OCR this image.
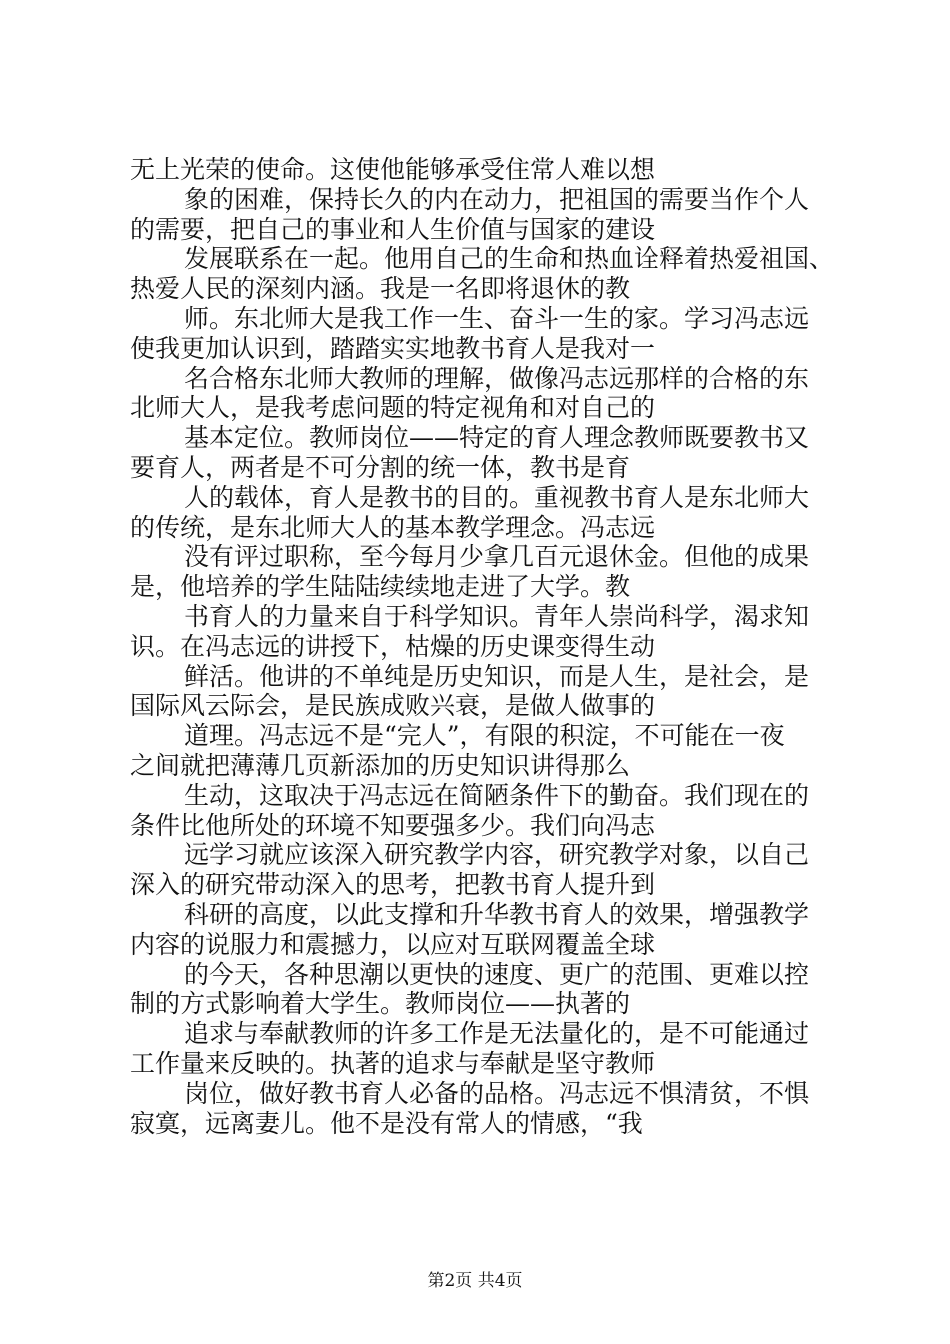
无上光荣的使命。这使他能够承受住常人难以想
象的困难，保持长久的内在动力，把祖国的需要当作个人
的需要，把自己的事业和人生价值与国家的建设
发展联系在一起。他用自己的生命和热血诠释着热爱祖国、
热爱人民的深刻内涵。我是一名即将退休的教
师。东北师大是我工作一生、奋斗一生的家。学习冯志远
使我更加认识到，踏踏实实地教书育人是我对一
名合格东北师大教师的理解，做像冯志远那样的合格的东
北师大人，是我考虑问题的特定视角和对自己的
基本定位。教师岗位——特定的育人理念教师既要教书又
要育人，两者是不可分割的统一体，教书是育
人的载体，育人是教书的目的。重视教书育人是东北师大
的传统，是东北师大人的基本教学理念。冯志远
没有评过职称，至今每月少拿几百元退休金。但他的成果
是，他培养的学生陆陆续续地走进了大学。教
书育人的力量来自于科学知识。青年人崇尚科学，渴求知
识。在冯志远的讲授下，枯燥的历史课变得生动
鲜活。他讲的不单纯是历史知识，而是人生，是社会，是
国际风云际会，是民族成败兴衰，是做人做事的
道理。冯志远不是“完人”，有限的积淀，不可能在一夜
之间就把薄薄几页新添加的历史知识讲得那么
生动，这取决于冯志远在简陋条件下的勤奋。我们现在的
条件比他所处的环境不知要强多少。我们向冯志
远学习就应该深入研究教学内容，研究教学对象，以自己
深入的研究带动深入的思考，把教书育人提升到
科研的高度，以此支撑和升华教书育人的效果，增强教学
内容的说服力和震撼力，以应对互联网覆盖全球
的今天，各种思潮以更快的速度、更广的范围、更难以控
制的方式影响着大学生。教师岗位——执著的
追求与奉献教师的许多工作是无法量化的，是不可能通过
工作量来反映的。执著的追求与奉献是坚守教师
岗位，做好教书育人必备的品格。冯志远不惧清贫，不惧
寂寞，远离妻儿。他不是没有常人的情感，“我
第2页 共4页
